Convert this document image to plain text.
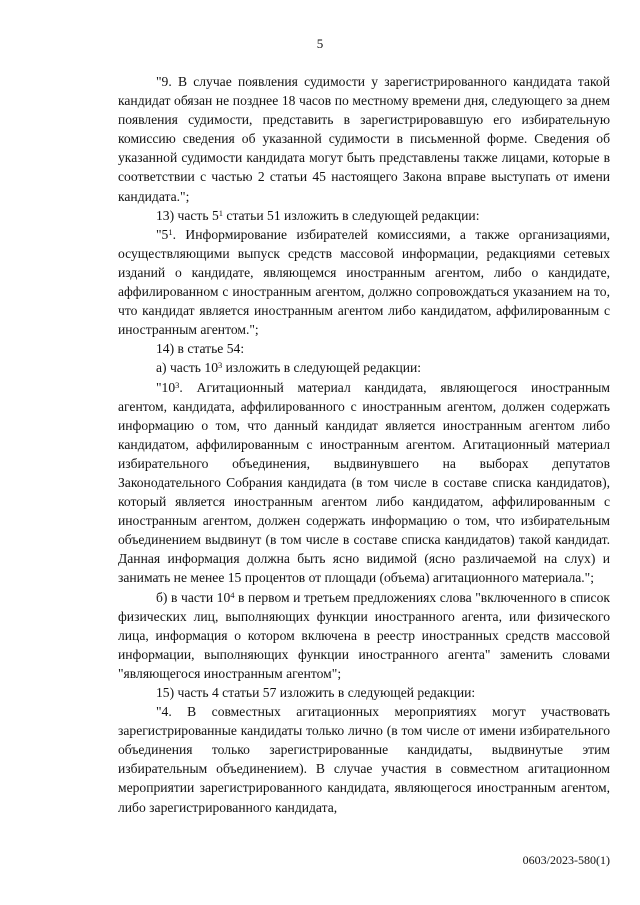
5

"9. В случае появления судимости у зарегистрированного кандидата такой кандидат обязан не позднее 18 часов по местному времени дня, следующего за днем появления судимости, представить в зарегистрировавшую его избирательную комиссию сведения об указанной судимости в письменной форме. Сведения об указанной судимости кандидата могут быть представлены также лицами, которые в соответствии с частью 2 статьи 45 настоящего Закона вправе выступать от имени кандидата.";

13) часть $5^1$ статьи 51 изложить в следующей редакции:

"$5^1$. Информирование избирателей комиссиями, а также организациями, осуществляющими выпуск средств массовой информации, редакциями сетевых изданий о кандидате, являющемся иностранным агентом, либо о кандидате, аффилированном с иностранным агентом, должно сопровождаться указанием на то, что кандидат является иностранным агентом либо кандидатом, аффилированным с иностранным агентом.";

14) в статье 54:

а) часть $10^3$ изложить в следующей редакции:

"$10^3$. Агитационный материал кандидата, являющегося иностранным агентом, кандидата, аффилированного с иностранным агентом, должен содержать информацию о том, что данный кандидат является иностранным агентом либо кандидатом, аффилированным с иностранным агентом. Агитационный материал избирательного объединения, выдвинувшего на выборах депутатов Законодательного Собрания кандидата (в том числе в составе списка кандидатов), который является иностранным агентом либо кандидатом, аффилированным с иностранным агентом, должен содержать информацию о том, что избирательным объединением выдвинут (в том числе в составе списка кандидатов) такой кандидат. Данная информация должна быть ясно видимой (ясно различаемой на слух) и занимать не менее 15 процентов от площади (объема) агитационного материала.";

б) в части $10^4$ в первом и третьем предложениях слова "включенного в список физических лиц, выполняющих функции иностранного агента, или физического лица, информация о котором включена в реестр иностранных средств массовой информации, выполняющих функции иностранного агента" заменить словами "являющегося иностранным агентом";

15) часть 4 статьи 57 изложить в следующей редакции:

"4. В совместных агитационных мероприятиях могут участвовать зарегистрированные кандидаты только лично (в том числе от имени избирательного объединения только зарегистрированные кандидаты, выдвинутые этим избирательным объединением). В случае участия в совместном агитационном мероприятии зарегистрированного кандидата, являющегося иностранным агентом, либо зарегистрированного кандидата,

0603/2023-580(1)
